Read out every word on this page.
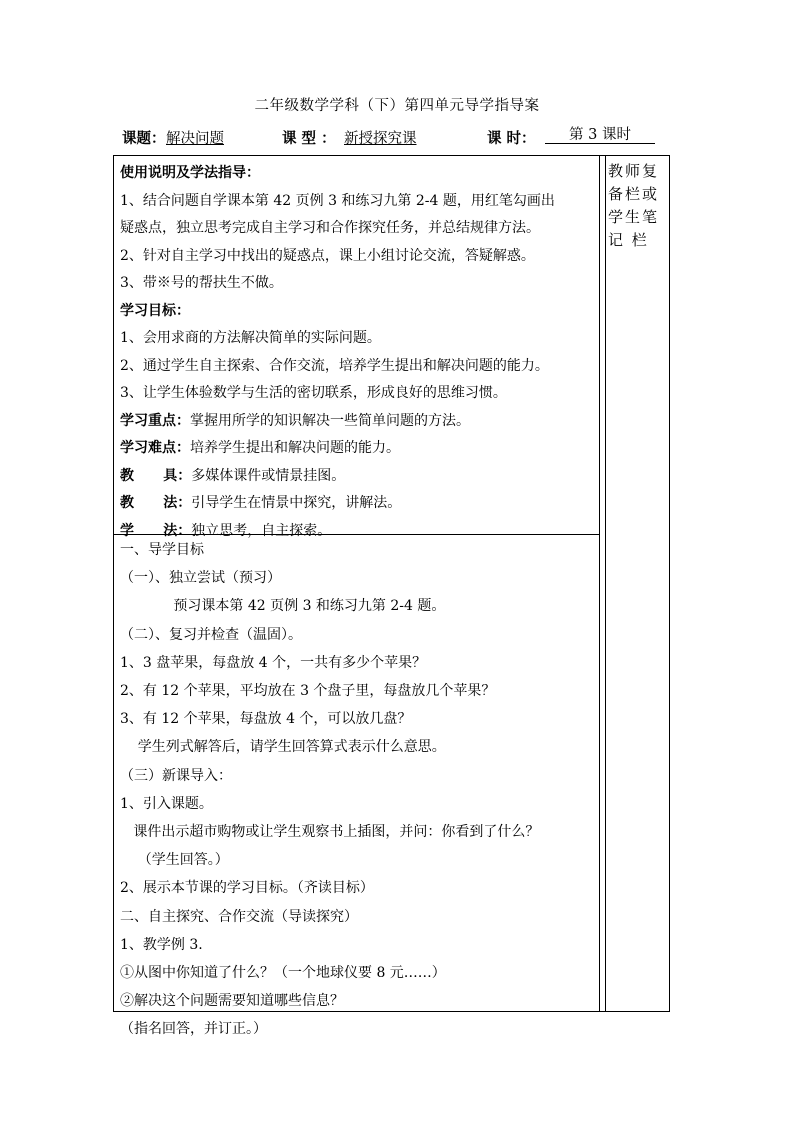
二年级数学学科（下）第四单元导学指导案
课题： 解决问题	课 型 ： 新授探究课	课 时：	第 3 课时
教师复
备栏或
学生笔
记 栏
使用说明及学法指导：
1、结合问题自学课本第 42 页例 3 和练习九第 2-4 题，用红笔勾画出
疑惑点，独立思考完成自主学习和合作探究任务，并总结规律方法。
2、针对自主学习中找出的疑惑点，课上小组讨论交流，答疑解惑。
3、带※号的帮扶生不做。
学习目标：
1、会用求商的方法解决简单的实际问题。
2、通过学生自主探索、合作交流，培养学生提出和解决问题的能力。
3、让学生体验数学与生活的密切联系，形成良好的思维习惯。
学习重点：掌握用所学的知识解决一些简单问题的方法。
学习难点：培养学生提出和解决问题的能力。
教      具：多媒体课件或情景挂图。
教      法：引导学生在情景中探究，讲解法。
学      法：独立思考，自主探索。
一、导学目标
（一）、独立尝试（预习）
预习课本第 42 页例 3 和练习九第 2-4 题。
（二）、复习并检查（温固）。
1、3 盘苹果，每盘放 4 个，一共有多少个苹果？
2、有 12 个苹果，平均放在 3 个盘子里，每盘放几个苹果？
3、有 12 个苹果，每盘放 4 个，可以放几盘？
学生列式解答后，请学生回答算式表示什么意思。
（三）新课导入：
1、引入课题。
课件出示超市购物或让学生观察书上插图，并问：你看到了什么？
（学生回答。）
2、展示本节课的学习目标。（齐读目标）
二、自主探究、合作交流（导读探究）
1、教学例 3.
①从图中你知道了什么？（一个地球仪要 8 元……）
②解决这个问题需要知道哪些信息？
（指名回答，并订正。）
